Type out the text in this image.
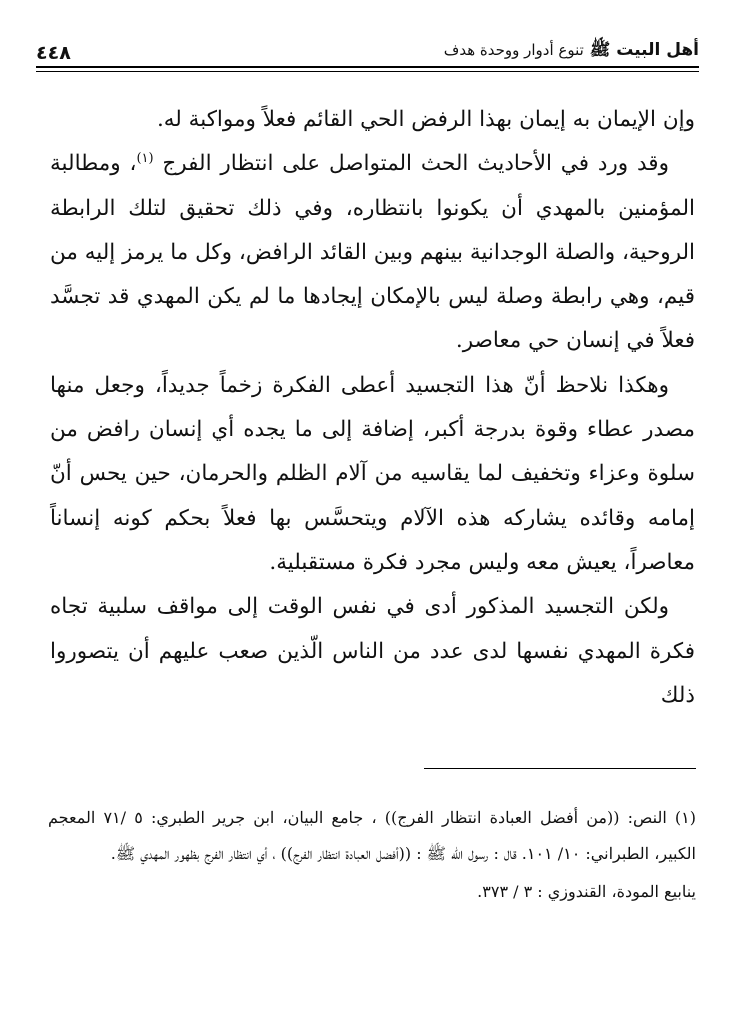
أهل البيت ﷺ تنوع أدوار ووحدة هدف
٤٤٨

وإن الإيمان به إيمان بهذا الرفض الحي القائم فعلاً ومواكبة له.

وقد ورد في الأحاديث الحث المتواصل على انتظار الفرج $^{(١)}$، ومطالبة المؤمنين بالمهدي أن يكونوا بانتظاره، وفي ذلك تحقيق لتلك الرابطة الروحية، والصلة الوجدانية بينهم وبين القائد الرافض، وكل ما يرمز إليه من قيم، وهي رابطة وصلة ليس بالإمكان إيجادها ما لم يكن المهدي قد تجسَّد فعلاً في إنسان حي معاصر.

وهكذا نلاحظ أنّ هذا التجسيد أعطى الفكرة زخماً جديداً، وجعل منها مصدر عطاء وقوة بدرجة أكبر، إضافة إلى ما يجده أي إنسان رافض من سلوة وعزاء وتخفيف لما يقاسيه من آلام الظلم والحرمان، حين يحس أنّ إمامه وقائده يشاركه هذه الآلام ويتحسَّس بها فعلاً بحكم كونه إنساناً معاصراً، يعيش معه وليس مجرد فكرة مستقبلية.

ولكن التجسيد المذكور أدى في نفس الوقت إلى مواقف سلبية تجاه فكرة المهدي نفسها لدى عدد من الناس الّذين صعب عليهم أن يتصوروا ذلك

(١) النص: ((من أفضل العبادة انتظار الفرج)) ، جامع البيان، ابن جرير الطبري: ٥ /٧١ المعجم الكبير، الطبراني: ١٠/ ١٠١. قال : رسول الله ﷺ : ((أفضل العبادة انتظار الفرج)) ، أي انتظار الفرج بظهور المهدي ﷺ.

ينابيع المودة، القندوزي : ٣ / ٣٧٣.
